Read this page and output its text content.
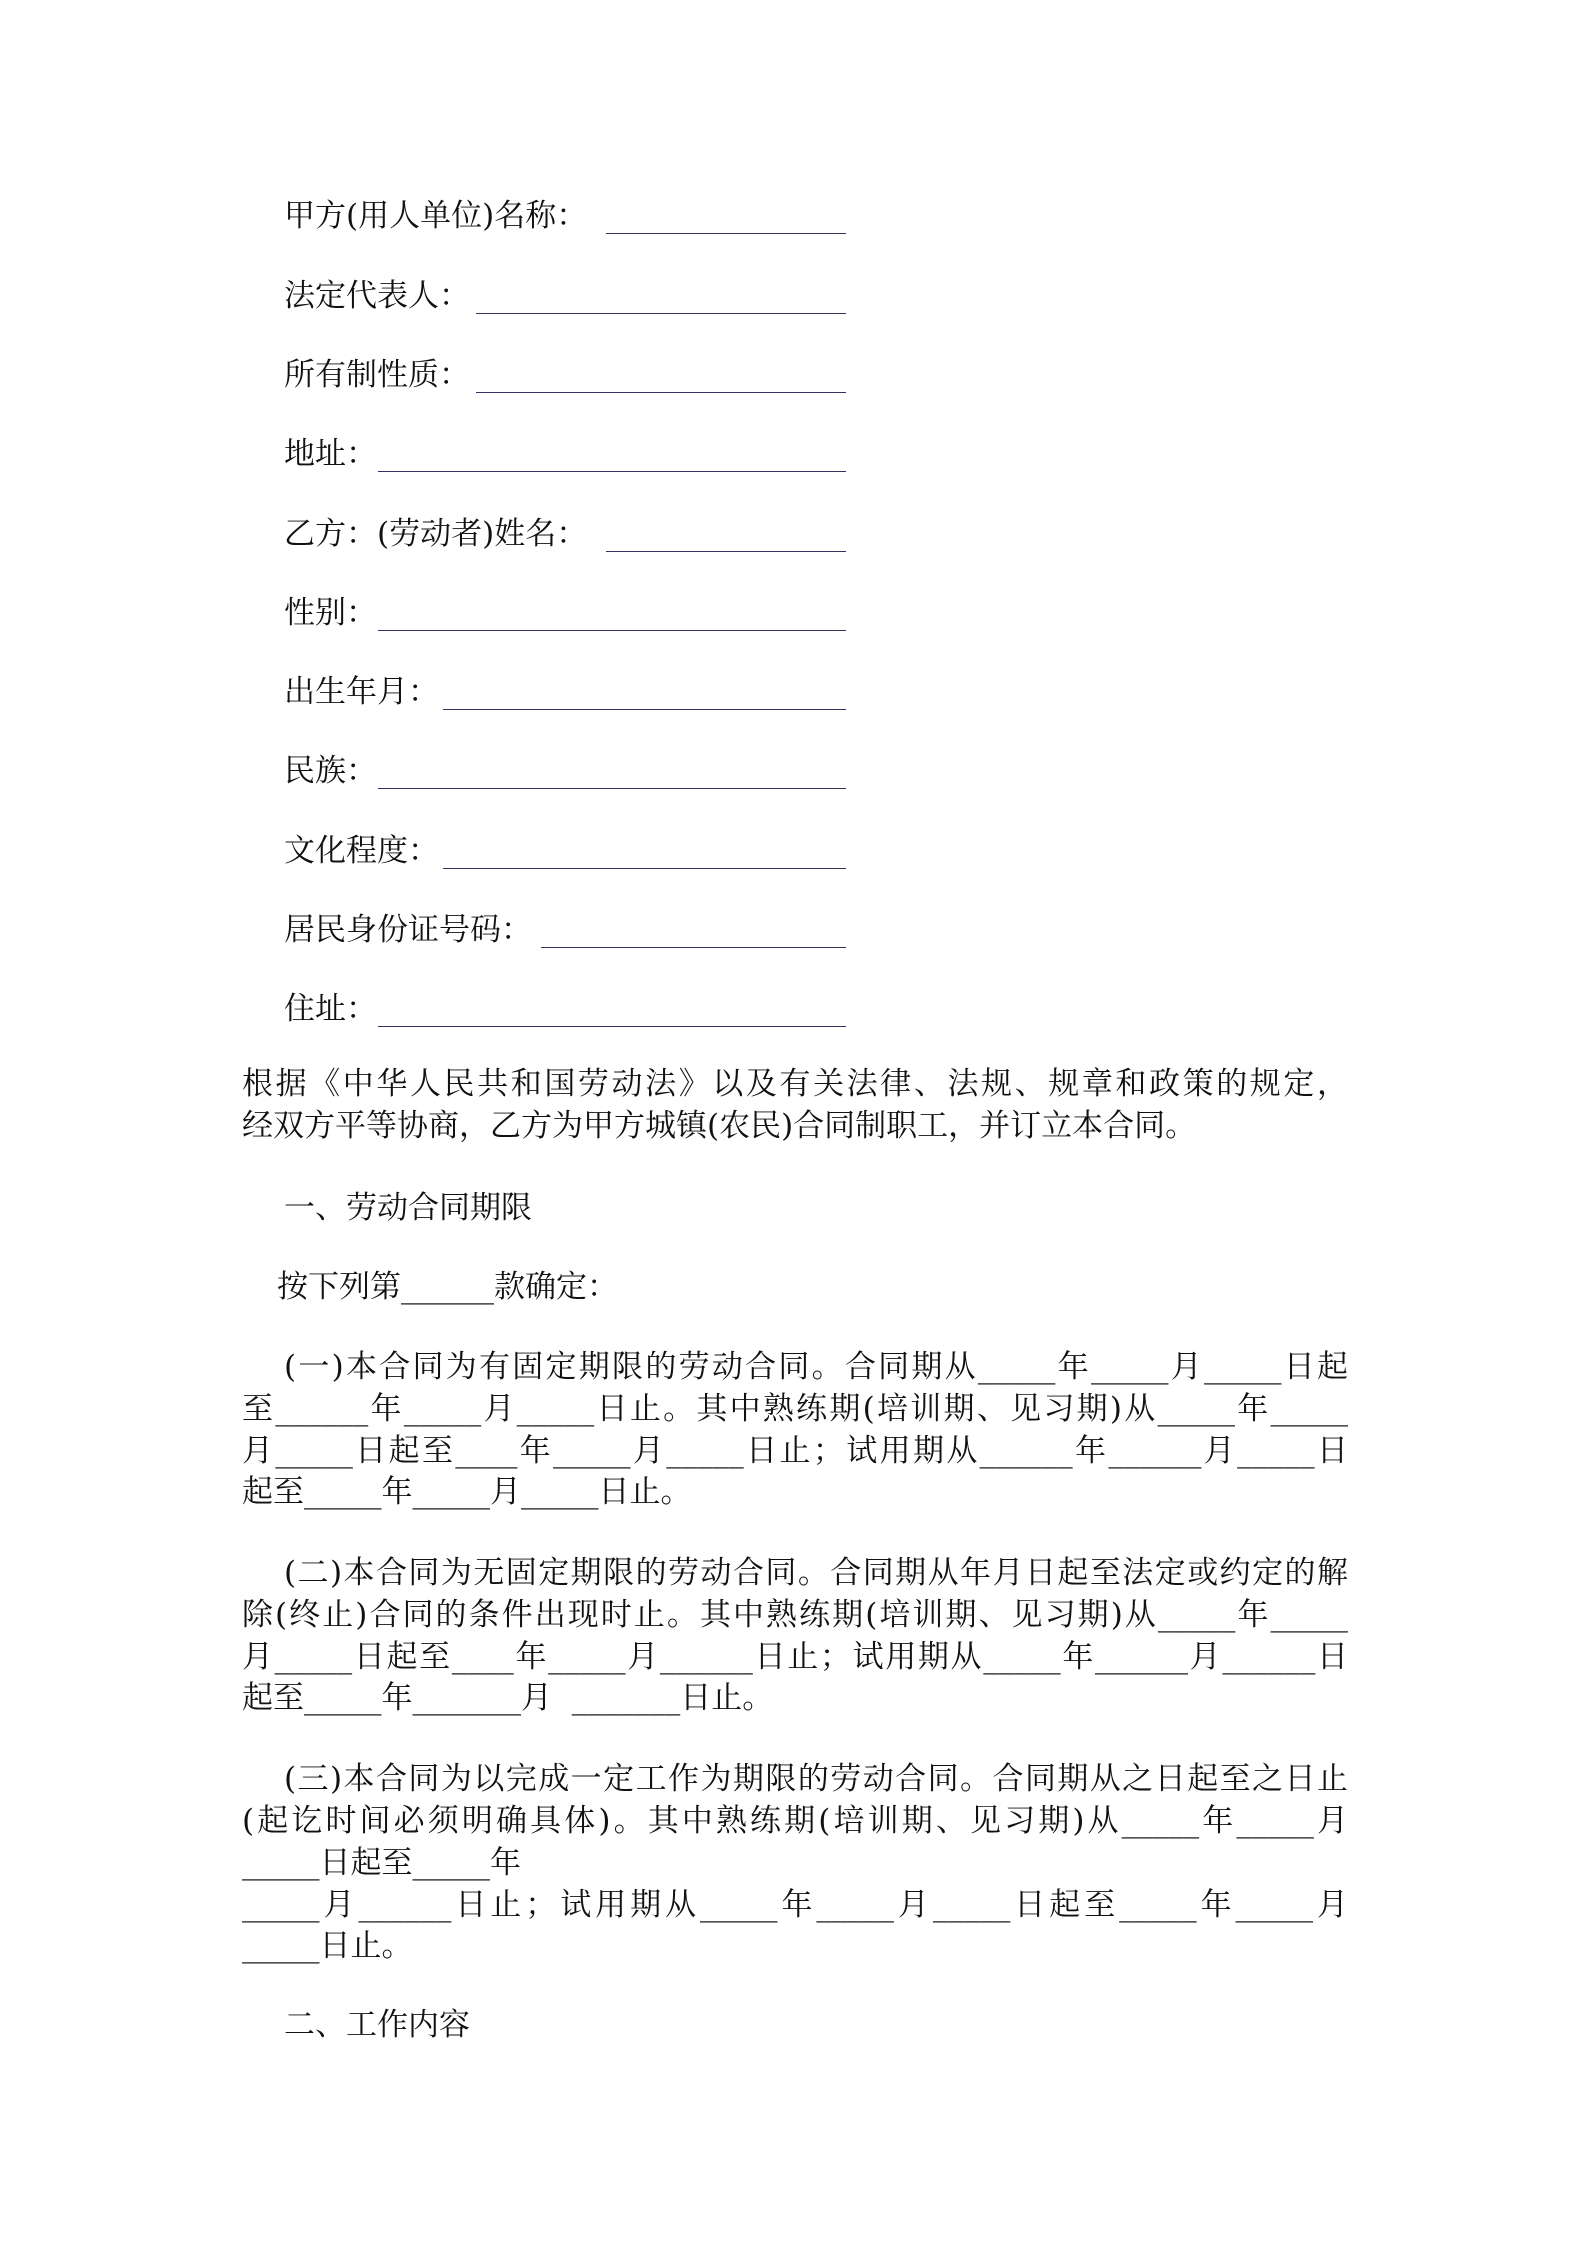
甲方(用人单位)名称：
法定代表人：
所有制性质：
地址：
乙方：(劳动者)姓名：
性别：
出生年月：
民族：
文化程度：
居民身份证号码：
住址：
根据《中华人民共和国劳动法》以及有关法律、法规、规章和政策的规定，
经双方平等协商，乙方为甲方城镇(农民)合同制职工，并订立本合同。
一、劳动合同期限
按下列第______款确定：
(一)本合同为有固定期限的劳动合同。合同期从_____年_____月_____日起
至______年_____月_____日止。其中熟练期(培训期、见习期)从_____年_____
月_____日起至____年_____月_____日止；试用期从______年______月_____日
起至_____年_____月_____日止。
(二)本合同为无固定期限的劳动合同。合同期从年月日起至法定或约定的解
除(终止)合同的条件出现时止。其中熟练期(培训期、见习期)从_____年_____
月_____日起至____年_____月______日止；试用期从_____年______月______日
起至_____年_______月  _______日止。
(三)本合同为以完成一定工作为期限的劳动合同。合同期从之日起至之日止
(起讫时间必须明确具体)。其中熟练期(培训期、见习期)从_____年_____月
_____日起至_____年
_____月______日止；试用期从_____年_____月_____日起至_____年_____月
_____日止。
二、工作内容
